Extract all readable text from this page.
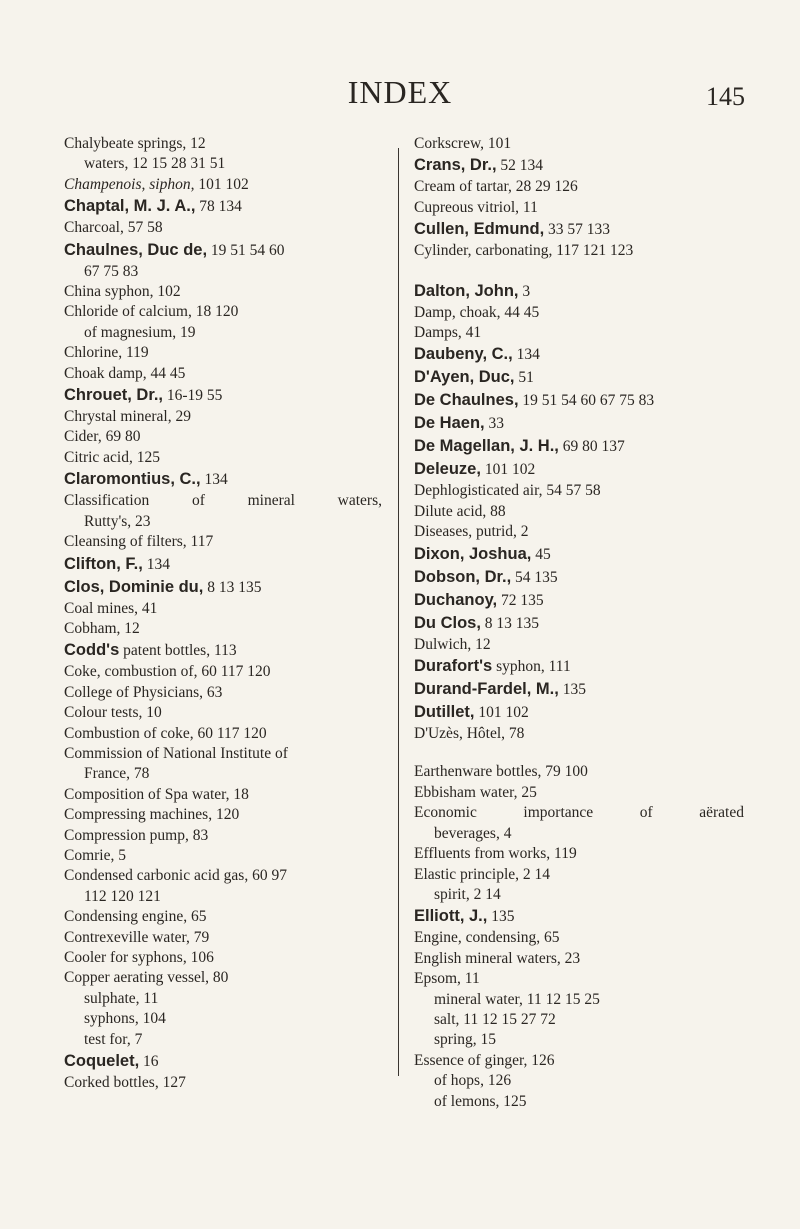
INDEX	145
Chalybeate springs, 12
waters, 12 15 28 31 51
Champenois, siphon, 101 102
Chaptal, M. J. A., 78 134
Charcoal, 57 58
Chaulnes, Duc de, 19 51 54 60
67 75 83
China syphon, 102
Chloride of calcium, 18 120
of magnesium, 19
Chlorine, 119
Choak damp, 44 45
Chrouet, Dr., 16-19 55
Chrystal mineral, 29
Cider, 69 80
Citric acid, 125
Claromontius, C., 134
Classification of mineral waters,
Rutty's, 23
Cleansing of filters, 117
Clifton, F., 134
Clos, Dominie du, 8 13 135
Coal mines, 41
Cobham, 12
Codd's patent bottles, 113
Coke, combustion of, 60 117 120
College of Physicians, 63
Colour tests, 10
Combustion of coke, 60 117 120
Commission of National Institute of
France, 78
Composition of Spa water, 18
Compressing machines, 120
Compression pump, 83
Comrie, 5
Condensed carbonic acid gas, 60 97
112 120 121
Condensing engine, 65
Contrexeville water, 79
Cooler for syphons, 106
Copper aerating vessel, 80
sulphate, 11
syphons, 104
test for, 7
Coquelet, 16
Corked bottles, 127
Corkscrew, 101
Crans, Dr., 52 134
Cream of tartar, 28 29 126
Cupreous vitriol, 11
Cullen, Edmund, 33 57 133
Cylinder, carbonating, 117 121 123
Dalton, John, 3
Damp, choak, 44 45
Damps, 41
Daubeny, C., 134
D'Ayen, Duc, 51
De Chaulnes, 19 51 54 60 67 75 83
De Haen, 33
De Magellan, J. H., 69 80 137
Deleuze, 101 102
Dephlogisticated air, 54 57 58
Dilute acid, 88
Diseases, putrid, 2
Dixon, Joshua, 45
Dobson, Dr., 54 135
Duchanoy, 72 135
Du Clos, 8 13 135
Dulwich, 12
Durafort's syphon, 111
Durand-Fardel, M., 135
Dutillet, 101 102
D'Uzès, Hôtel, 78
Earthenware bottles, 79 100
Ebbisham water, 25
Economic importance of aërated
beverages, 4
Effluents from works, 119
Elastic principle, 2 14
spirit, 2 14
Elliott, J., 135
Engine, condensing, 65
English mineral waters, 23
Epsom, 11
mineral water, 11 12 15 25
salt, 11 12 15 27 72
spring, 15
Essence of ginger, 126
of hops, 126
of lemons, 125
